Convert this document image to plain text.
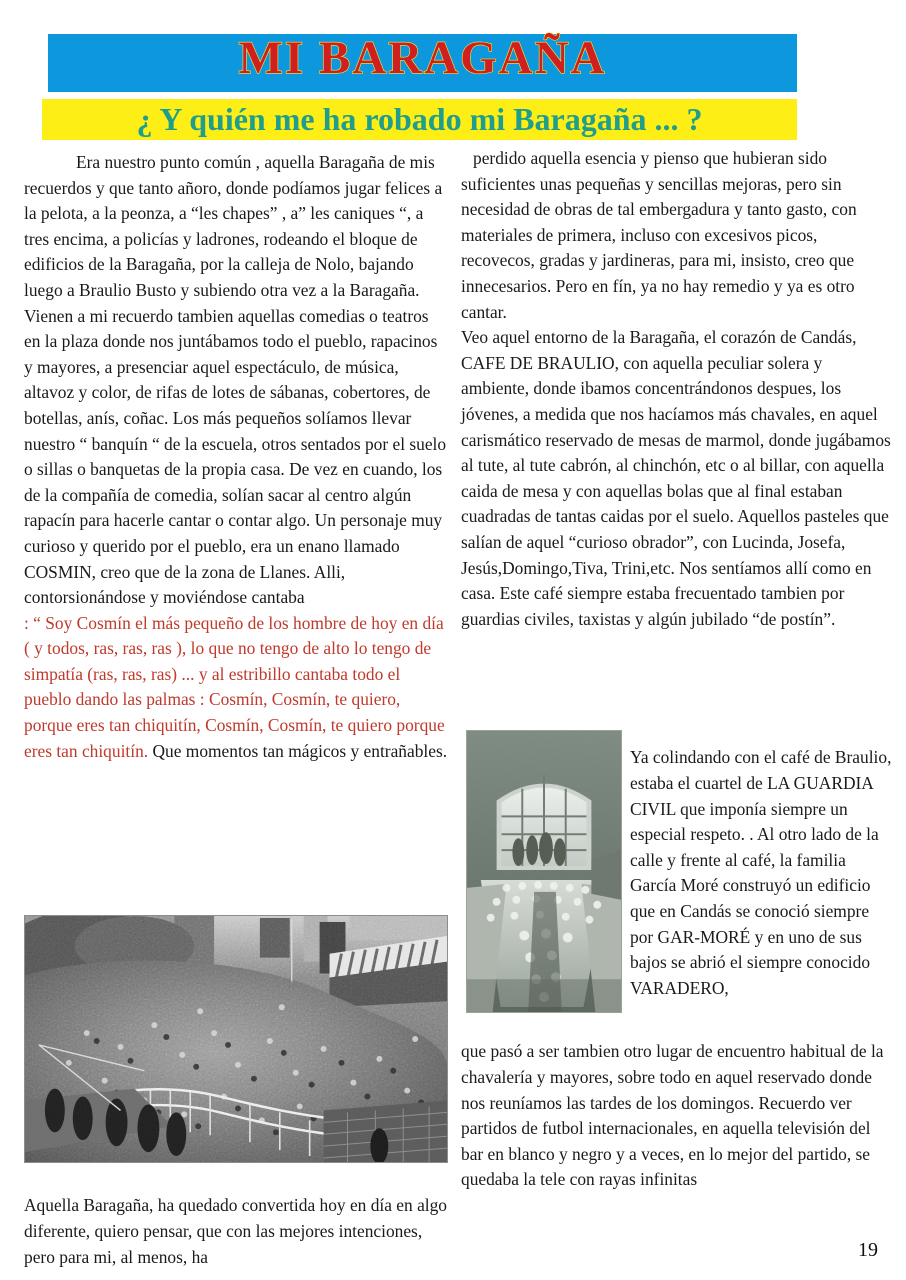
MI BARAGAÑA
¿ Y quién me ha robado mi Baragaña ... ?

Era nuestro punto común , aquella Baragaña de mis recuerdos y que tanto añoro, donde podíamos jugar felices a la pelota, a la peonza, a “les chapes” , a” les caniques “, a tres encima, a policías y ladrones, rodeando el bloque de edificios de la Baragaña, por la calleja de Nolo, bajando luego a Braulio Busto y subiendo otra vez a la Baragaña.

Vienen a mi recuerdo tambien aquellas comedias o teatros en la plaza donde nos juntábamos todo el pueblo, rapacinos y mayores, a presenciar aquel espectáculo, de música, altavoz y color, de rifas de lotes de sábanas, cobertores, de botellas, anís, coñac. Los más pequeños solíamos llevar nuestro “ banquín “ de la escuela, otros sentados por el suelo o sillas o banquetas de la propia casa. De vez en cuando, los de la compañía de comedia, solían sacar al centro algún rapacín para hacerle cantar o contar algo. Un personaje muy curioso y querido por el pueblo, era un enano llamado COSMIN, creo que de la zona de Llanes. Alli, contorsionándose y moviéndose cantaba

: “ Soy Cosmín el más pequeño de los hombre de hoy en día ( y todos, ras, ras, ras ), lo que no tengo de alto lo tengo de simpatía (ras, ras, ras) ... y al estribillo cantaba todo el pueblo dando las palmas : Cosmín, Cosmín, te quiero, porque eres tan chiquitín, Cosmín, Cosmín, te quiero porque eres tan chiquitín. Que momentos tan mágicos y entrañables.

Aquella Baragaña, ha quedado convertida hoy en día en algo diferente, quiero pensar, que con las mejores intenciones, pero para mi, al menos, ha

perdido aquella esencia y pienso que hubieran sido suficientes unas pequeñas y sencillas mejoras, pero sin necesidad de obras de tal embergadura y tanto gasto, con materiales de primera, incluso con excesivos picos, recovecos, gradas y jardineras, para mi, insisto, creo que innecesarios. Pero en fín, ya no hay remedio y ya es otro cantar.

Veo aquel entorno de la Baragaña, el corazón de Candás, CAFE DE BRAULIO, con aquella peculiar solera y ambiente, donde ibamos concentrándonos despues, los jóvenes, a medida que nos hacíamos más chavales, en aquel carismático reservado de mesas de marmol, donde jugábamos al tute, al tute cabrón, al chinchón, etc o al billar, con aquella caida de mesa y con aquellas bolas que al final estaban cuadradas de tantas caidas por el suelo. Aquellos pasteles que salían de aquel “curioso obrador”, con Lucinda, Josefa, Jesús,Domingo,Tiva, Trini,etc. Nos sentíamos allí como en casa. Este café siempre estaba frecuentado tambien por guardias civiles, taxistas y algún jubilado “de postín”.

Ya colindando con el café de Braulio, estaba el cuartel de LA GUARDIA CIVIL que imponía siempre un especial respeto. . Al otro lado de la calle y frente al café, la familia García Moré construyó un edificio que en Candás se conoció siempre por GAR-MORÉ y en uno de sus bajos se abrió el siempre conocido VARADERO,

que pasó a ser tambien otro lugar de encuentro habitual de la chavalería y mayores, sobre todo en aquel reservado donde nos reuníamos las tardes de los domingos. Recuerdo ver partidos de futbol internacionales, en aquella televisión del bar en blanco y negro y a veces, en lo mejor del partido, se quedaba la tele con rayas infinitas

19
